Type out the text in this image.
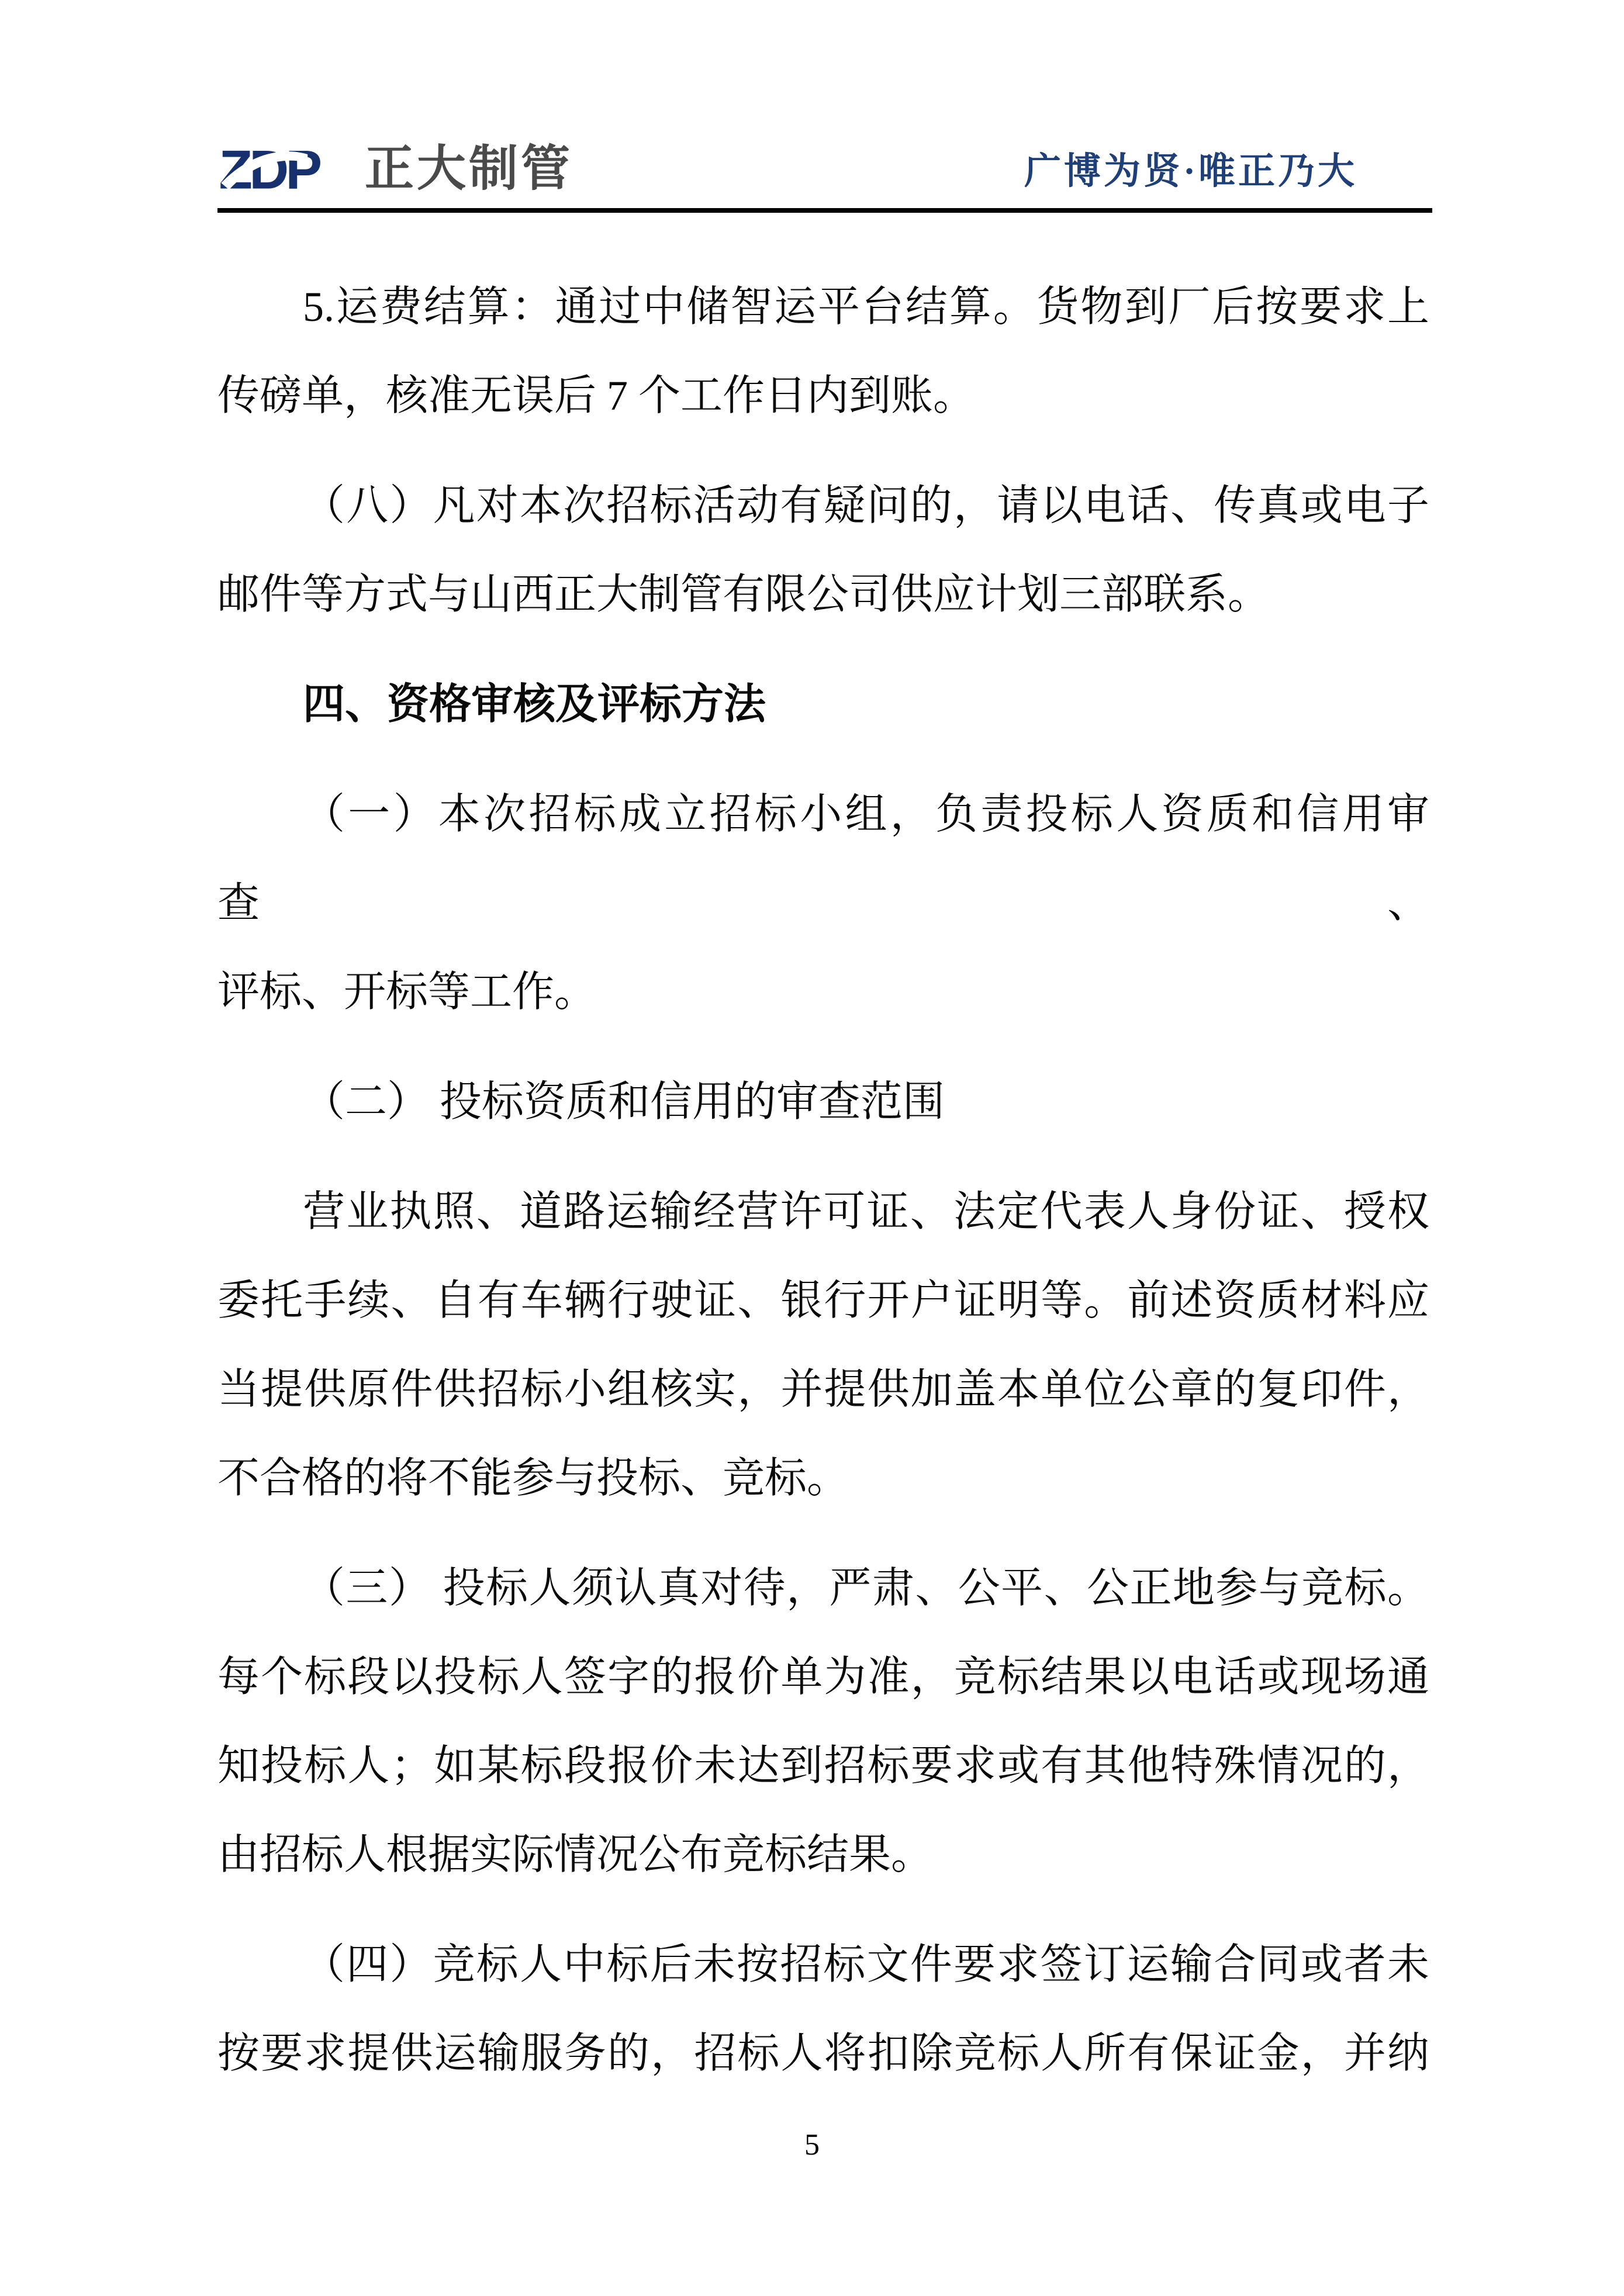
ZDP 正大制管	广博为贤·唯正乃大
5.运费结算：通过中储智运平台结算。货物到厂后按要求上
传磅单，核准无误后 7 个工作日内到账。
（八）凡对本次招标活动有疑问的，请以电话、传真或电子
邮件等方式与山西正大制管有限公司供应计划三部联系。
四、资格审核及评标方法
（一）本次招标成立招标小组，负责投标人资质和信用审查、
评标、开标等工作。
（二） 投标资质和信用的审查范围
营业执照、道路运输经营许可证、法定代表人身份证、授权
委托手续、自有车辆行驶证、银行开户证明等。前述资质材料应
当提供原件供招标小组核实，并提供加盖本单位公章的复印件，
不合格的将不能参与投标、竞标。
（三） 投标人须认真对待，严肃、公平、公正地参与竞标。
每个标段以投标人签字的报价单为准，竞标结果以电话或现场通
知投标人；如某标段报价未达到招标要求或有其他特殊情况的，
由招标人根据实际情况公布竞标结果。
（四）竞标人中标后未按招标文件要求签订运输合同或者未
按要求提供运输服务的，招标人将扣除竞标人所有保证金，并纳
5
